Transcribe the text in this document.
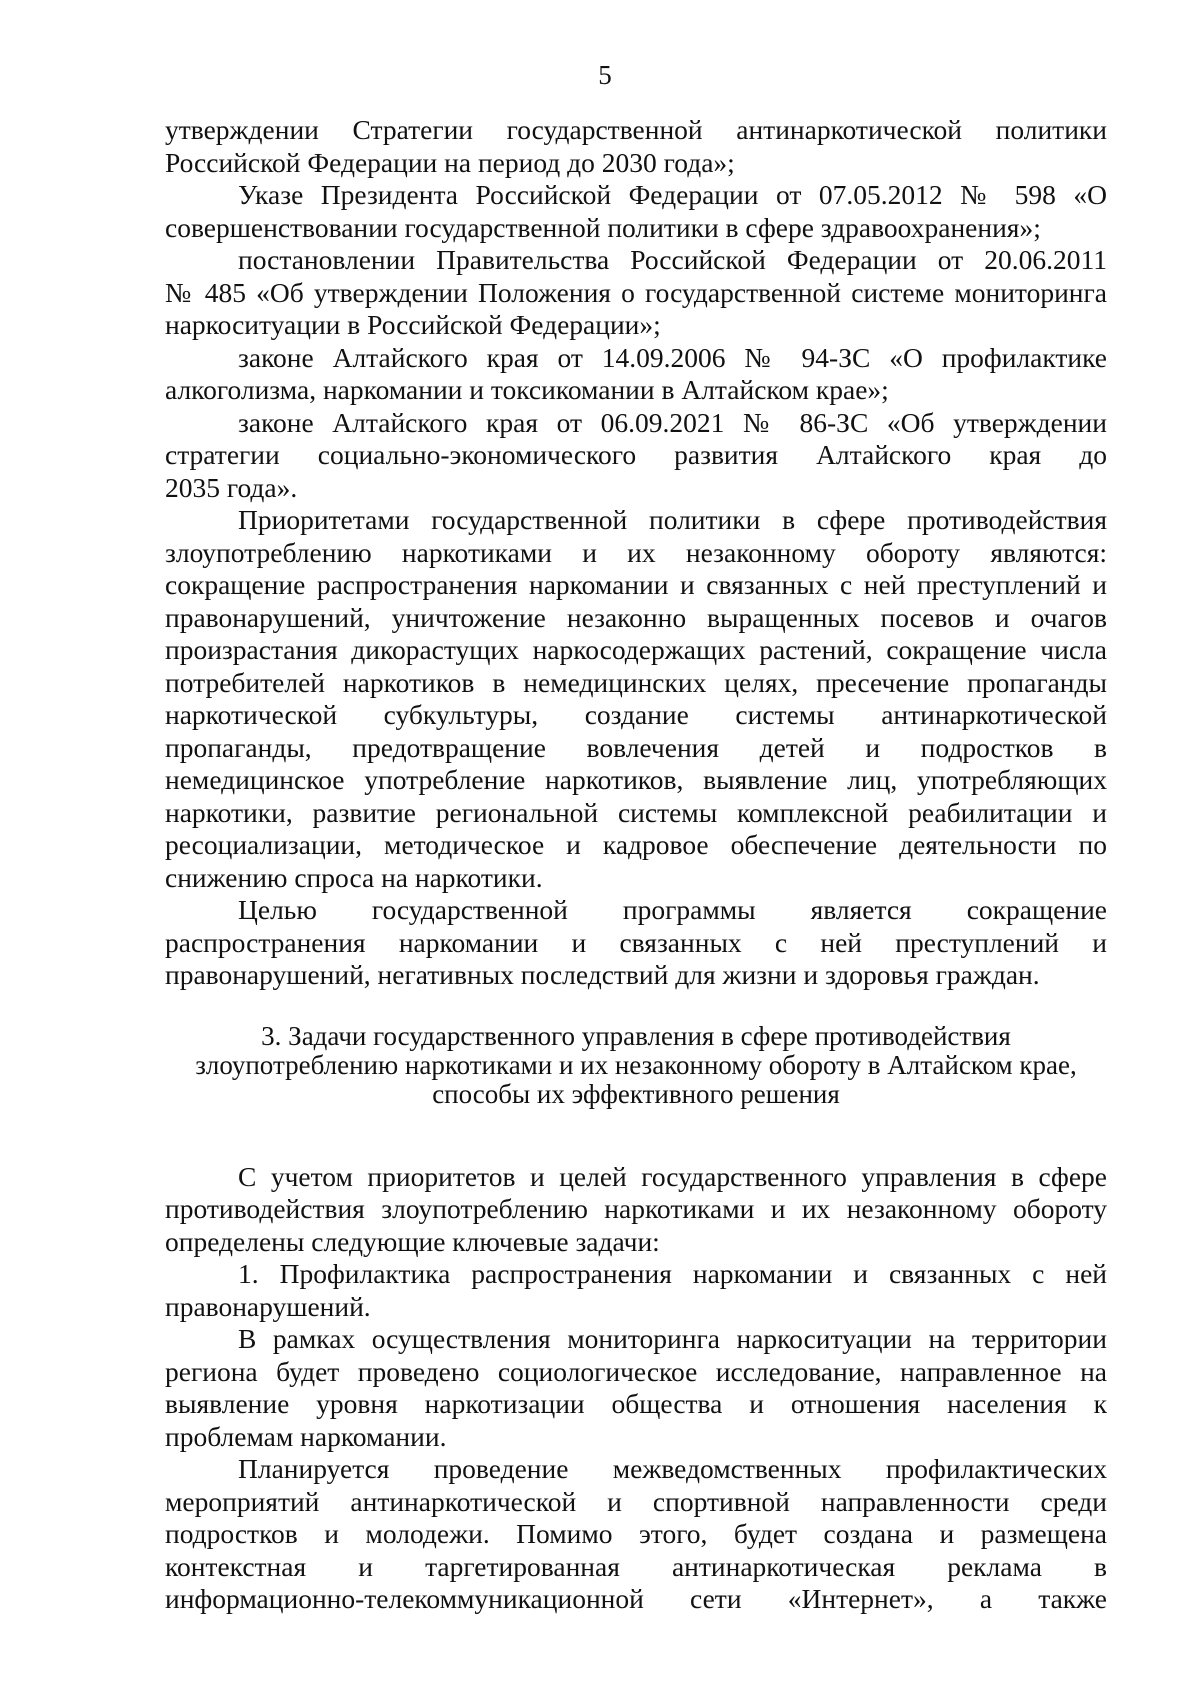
5
утверждении Стратегии государственной антинаркотической политики
Российской Федерации на период до 2030 года»;
Указе Президента Российской Федерации от 07.05.2012 № 598 «О
совершенствовании государственной политики в сфере здравоохранения»;
постановлении Правительства Российской Федерации от 20.06.2011
№ 485 «Об утверждении Положения о государственной системе мониторинга
наркоситуации в Российской Федерации»;
законе Алтайского края от 14.09.2006 № 94-ЗС «О профилактике
алкоголизма, наркомании и токсикомании в Алтайском крае»;
законе Алтайского края от 06.09.2021 № 86-ЗС «Об утверждении
стратегии социально-экономического развития Алтайского края до
2035 года».
Приоритетами государственной политики в сфере противодействия
злоупотреблению наркотиками и их незаконному обороту являются:
сокращение распространения наркомании и связанных с ней преступлений и
правонарушений, уничтожение незаконно выращенных посевов и очагов
произрастания дикорастущих наркосодержащих растений, сокращение числа
потребителей наркотиков в немедицинских целях, пресечение пропаганды
наркотической субкультуры, создание системы антинаркотической
пропаганды, предотвращение вовлечения детей и подростков в
немедицинское употребление наркотиков, выявление лиц, употребляющих
наркотики, развитие региональной системы комплексной реабилитации и
ресоциализации, методическое и кадровое обеспечение деятельности по
снижению спроса на наркотики.
Целью государственной программы является сокращение
распространения наркомании и связанных с ней преступлений и
правонарушений, негативных последствий для жизни и здоровья граждан.
3. Задачи государственного управления в сфере противодействия
злоупотреблению наркотиками и их незаконному обороту в Алтайском крае,
способы их эффективного решения
С учетом приоритетов и целей государственного управления в сфере
противодействия злоупотреблению наркотиками и их незаконному обороту
определены следующие ключевые задачи:
1. Профилактика распространения наркомании и связанных с ней
правонарушений.
В рамках осуществления мониторинга наркоситуации на территории
региона будет проведено социологическое исследование, направленное на
выявление уровня наркотизации общества и отношения населения к
проблемам наркомании.
Планируется проведение межведомственных профилактических
мероприятий антинаркотической и спортивной направленности среди
подростков и молодежи. Помимо этого, будет создана и размещена
контекстная и таргетированная антинаркотическая реклама в
информационно-телекоммуникационной сети «Интернет», а также
